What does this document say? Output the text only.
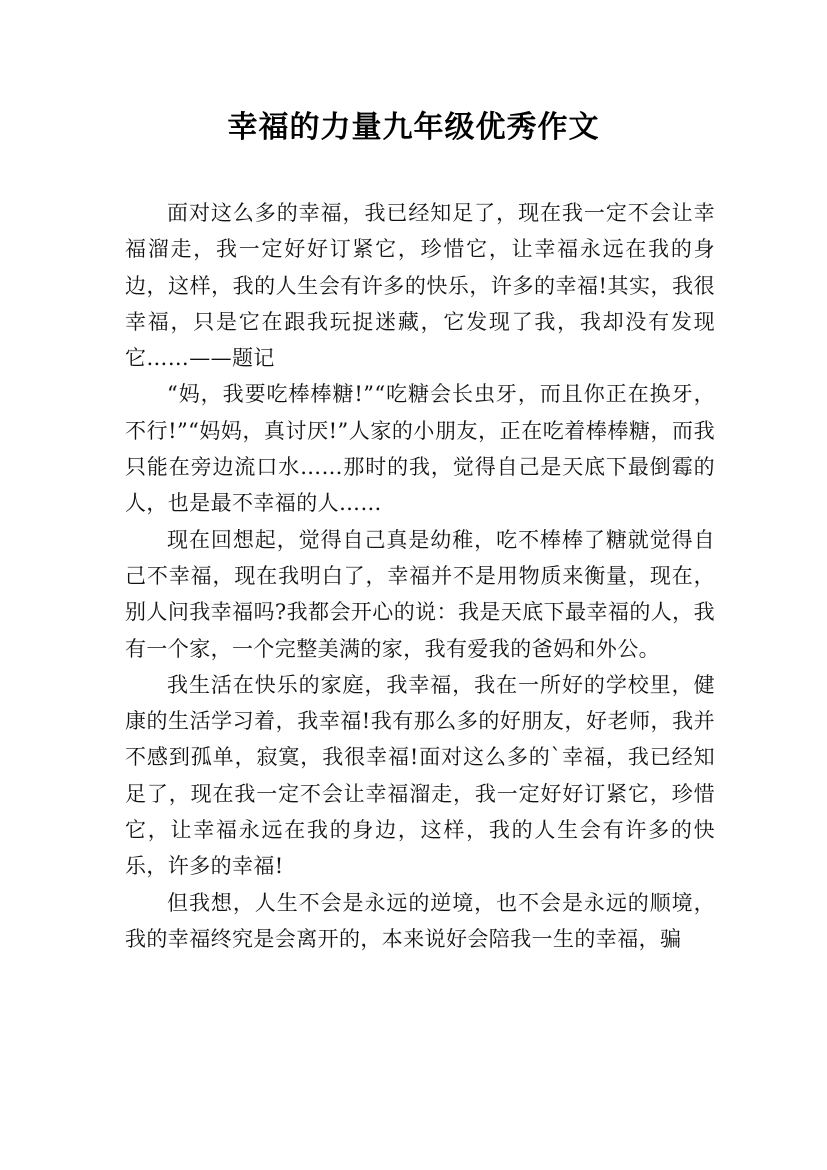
幸福的力量九年级优秀作文

面对这么多的幸福，我已经知足了，现在我一定不会让幸福溜走，我一定好好订紧它，珍惜它，让幸福永远在我的身边，这样，我的人生会有许多的快乐，许多的幸福!其实，我很幸福，只是它在跟我玩捉迷藏，它发现了我，我却没有发现它……——题记

“妈，我要吃棒棒糖!”“吃糖会长虫牙，而且你正在换牙，不行!”“妈妈，真讨厌!”人家的小朋友，正在吃着棒棒糖，而我只能在旁边流口水……那时的我，觉得自己是天底下最倒霉的人，也是最不幸福的人……

现在回想起，觉得自己真是幼稚，吃不棒棒了糖就觉得自己不幸福，现在我明白了，幸福并不是用物质来衡量，现在，别人问我幸福吗?我都会开心的说：我是天底下最幸福的人，我有一个家，一个完整美满的家，我有爱我的爸妈和外公。

我生活在快乐的家庭，我幸福，我在一所好的学校里，健康的生活学习着，我幸福!我有那么多的好朋友，好老师，我并不感到孤单，寂寞，我很幸福!面对这么多的`幸福，我已经知足了，现在我一定不会让幸福溜走，我一定好好订紧它，珍惜它，让幸福永远在我的身边，这样，我的人生会有许多的快乐，许多的幸福!

但我想，人生不会是永远的逆境，也不会是永远的顺境，我的幸福终究是会离开的，本来说好会陪我一生的幸福，骗
